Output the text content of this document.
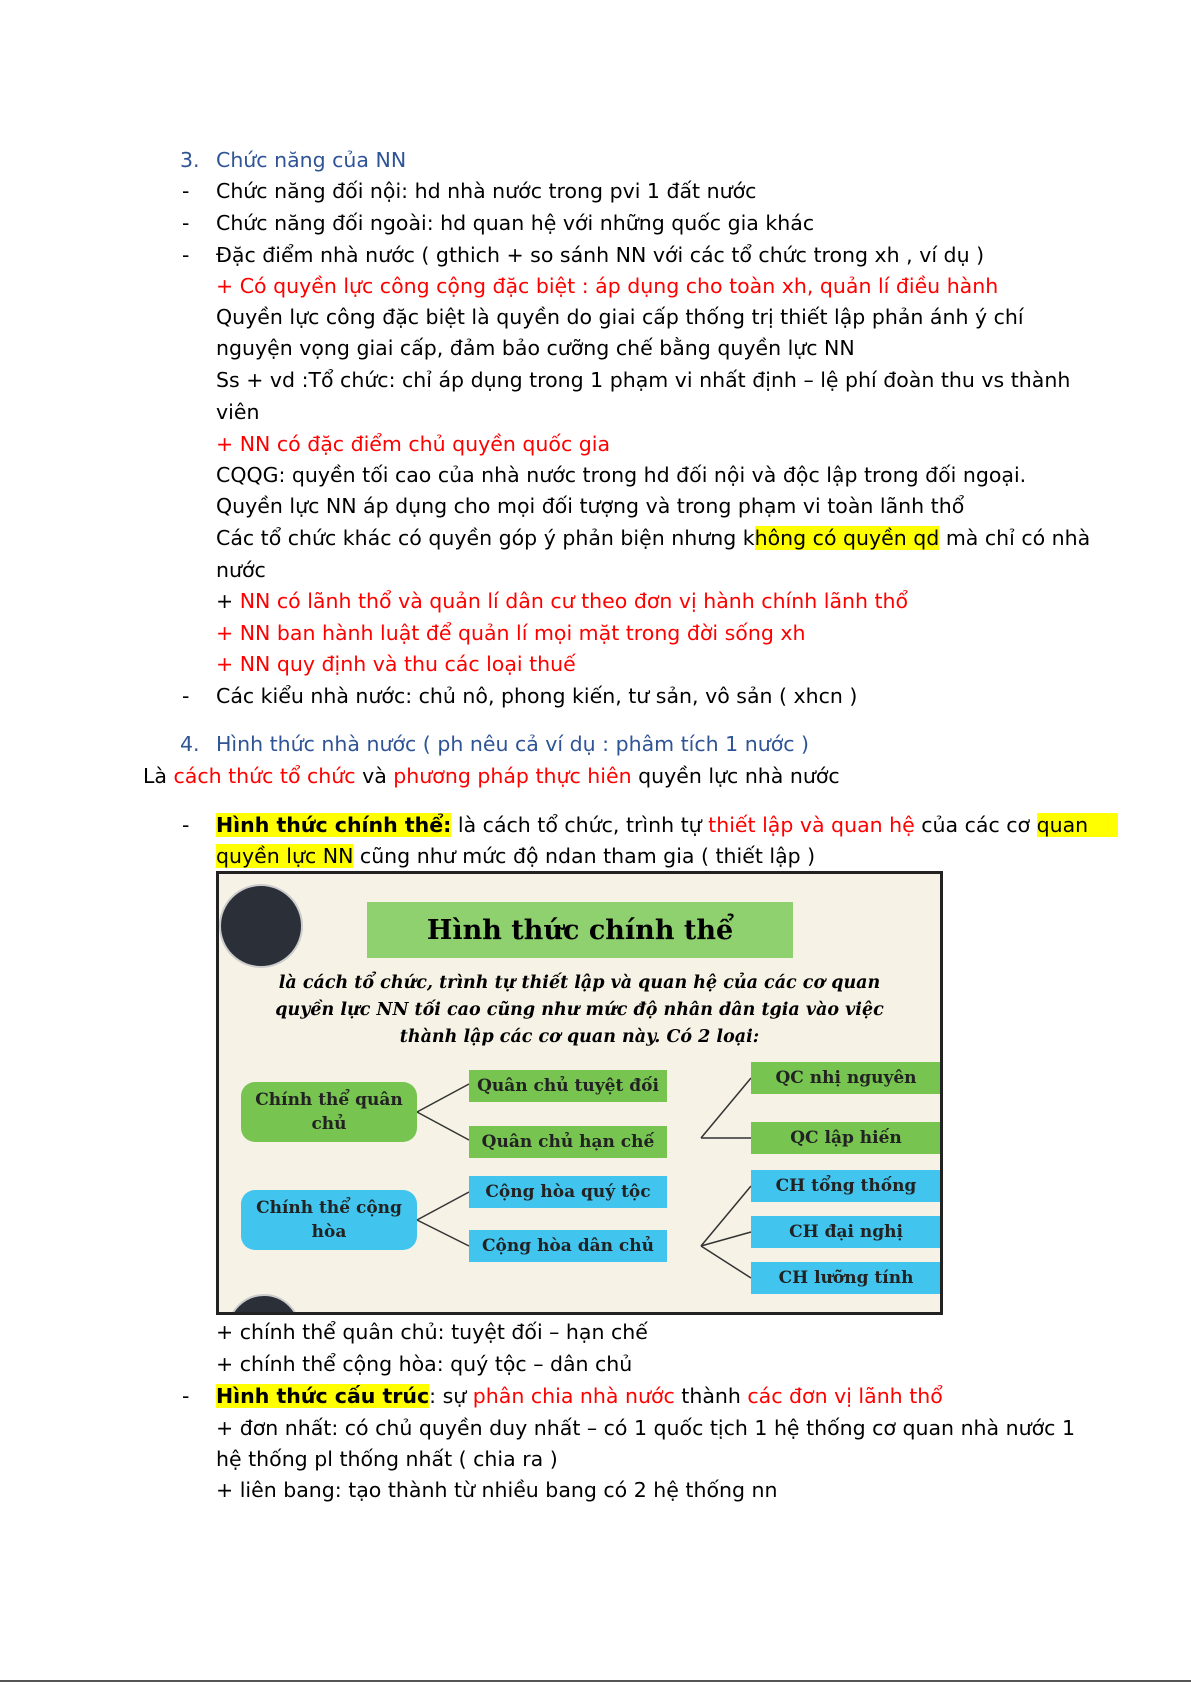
3. Chức năng của NN
- Chức năng đối nội: hd nhà nước trong pvi 1 đất nước
- Chức năng đối ngoài: hd quan hệ với những quốc gia khác
- Đặc điểm nhà nước ( gthich + so sánh NN với các tổ chức trong xh , ví dụ )
+ Có quyền lực công cộng đặc biệt : áp dụng cho toàn xh, quản lí điều hành
Quyền lực công đặc biệt là quyền do giai cấp thống trị thiết lập phản ánh ý chí
nguyện vọng giai cấp, đảm bảo cưỡng chế bằng quyền lực NN
Ss + vd :Tổ chức: chỉ áp dụng trong 1 phạm vi nhất định – lệ phí đoàn thu vs thành
viên
+ NN có đặc điểm chủ quyền quốc gia
CQQG: quyền tối cao của nhà nước trong hd đối nội và độc lập trong đối ngoại.
Quyền lực NN áp dụng cho mọi đối tượng và trong phạm vi toàn lãnh thổ
Các tổ chức khác có quyền góp ý phản biện nhưng không có quyền qd mà chỉ có nhà
nước
+ NN có lãnh thổ và quản lí dân cư theo đơn vị hành chính lãnh thổ
+ NN ban hành luật để quản lí mọi mặt trong đời sống xh
+ NN quy định và thu các loại thuế
- Các kiểu nhà nước: chủ nô, phong kiến, tư sản, vô sản ( xhcn )
4. Hình thức nhà nước ( ph nêu cả ví dụ : phâm tích 1 nước )
Là cách thức tổ chức và phương pháp thực hiên quyền lực nhà nước
- Hình thức chính thể: là cách tổ chức, trình tự thiết lập và quan hệ của các cơ quan
quyền lực NN cũng như mức độ ndan tham gia ( thiết lập )
Hình thức chính thể
là cách tổ chức, trình tự thiết lập và quan hệ của các cơ quan
quyền lực NN tối cao cũng như mức độ nhân dân tgia vào việc
thành lập các cơ quan này. Có 2 loại:
Chính thể quân chủ
Chính thể cộng hòa
Quân chủ tuyệt đối
Quân chủ hạn chế
Cộng hòa quý tộc
Cộng hòa dân chủ
QC nhị nguyên
QC lập hiến
CH tổng thống
CH đại nghị
CH lưỡng tính
+ chính thể quân chủ: tuyệt đối – hạn chế
+ chính thể cộng hòa: quý tộc – dân chủ
- Hình thức cấu trúc: sự phân chia nhà nước thành các đơn vị lãnh thổ
+ đơn nhất: có chủ quyền duy nhất – có 1 quốc tịch 1 hệ thống cơ quan nhà nước 1
hệ thống pl thống nhất ( chia ra )
+ liên bang: tạo thành từ nhiều bang có 2 hệ thống nn
